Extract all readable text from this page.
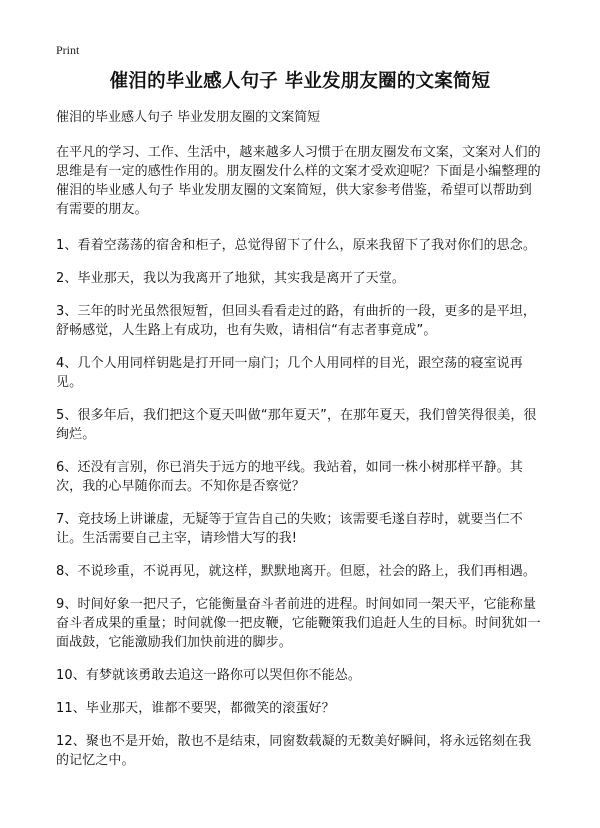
Print
催泪的毕业感人句子 毕业发朋友圈的文案简短
催泪的毕业感人句子 毕业发朋友圈的文案简短

在平凡的学习、工作、生活中，越来越多人习惯于在朋友圈发布文案，文案对人们的思维是有一定的感性作用的。朋友圈发什么样的文案才受欢迎呢？下面是小编整理的催泪的毕业感人句子 毕业发朋友圈的文案简短，供大家参考借鉴，希望可以帮助到有需要的朋友。

1、看着空荡荡的宿舍和柜子，总觉得留下了什么，原来我留下了我对你们的思念。
2、毕业那天，我以为我离开了地狱，其实我是离开了天堂。
3、三年的时光虽然很短暂，但回头看看走过的路，有曲折的一段，更多的是平坦，舒畅感觉，人生路上有成功，也有失败，请相信“有志者事竟成”。
4、几个人用同样钥匙是打开同一扇门；几个人用同样的目光，跟空荡的寝室说再见。
5、很多年后，我们把这个夏天叫做“那年夏天”，在那年夏天，我们曾笑得很美，很绚烂。
6、还没有言别，你已消失于远方的地平线。我站着，如同一株小树那样平静。其次，我的心早随你而去。不知你是否察觉？
7、竞技场上讲谦虚，无疑等于宣告自己的失败；该需要毛遂自荐时，就要当仁不让。生活需要自己主宰，请珍惜大写的我!
8、不说珍重，不说再见，就这样，默默地离开。但愿，社会的路上，我们再相遇。
9、时间好象一把尺子，它能衡量奋斗者前进的进程。时间如同一架天平，它能称量奋斗者成果的重量；时间就像一把皮鞭，它能鞭策我们追赶人生的目标。时间犹如一面战鼓，它能激励我们加快前进的脚步。
10、有梦就该勇敢去追这一路你可以哭但你不能怂。
11、毕业那天，谁都不要哭，都微笑的滚蛋好？
12、聚也不是开始，散也不是结束，同窗数载凝的无数美好瞬间，将永远铭刻在我的记忆之中。
